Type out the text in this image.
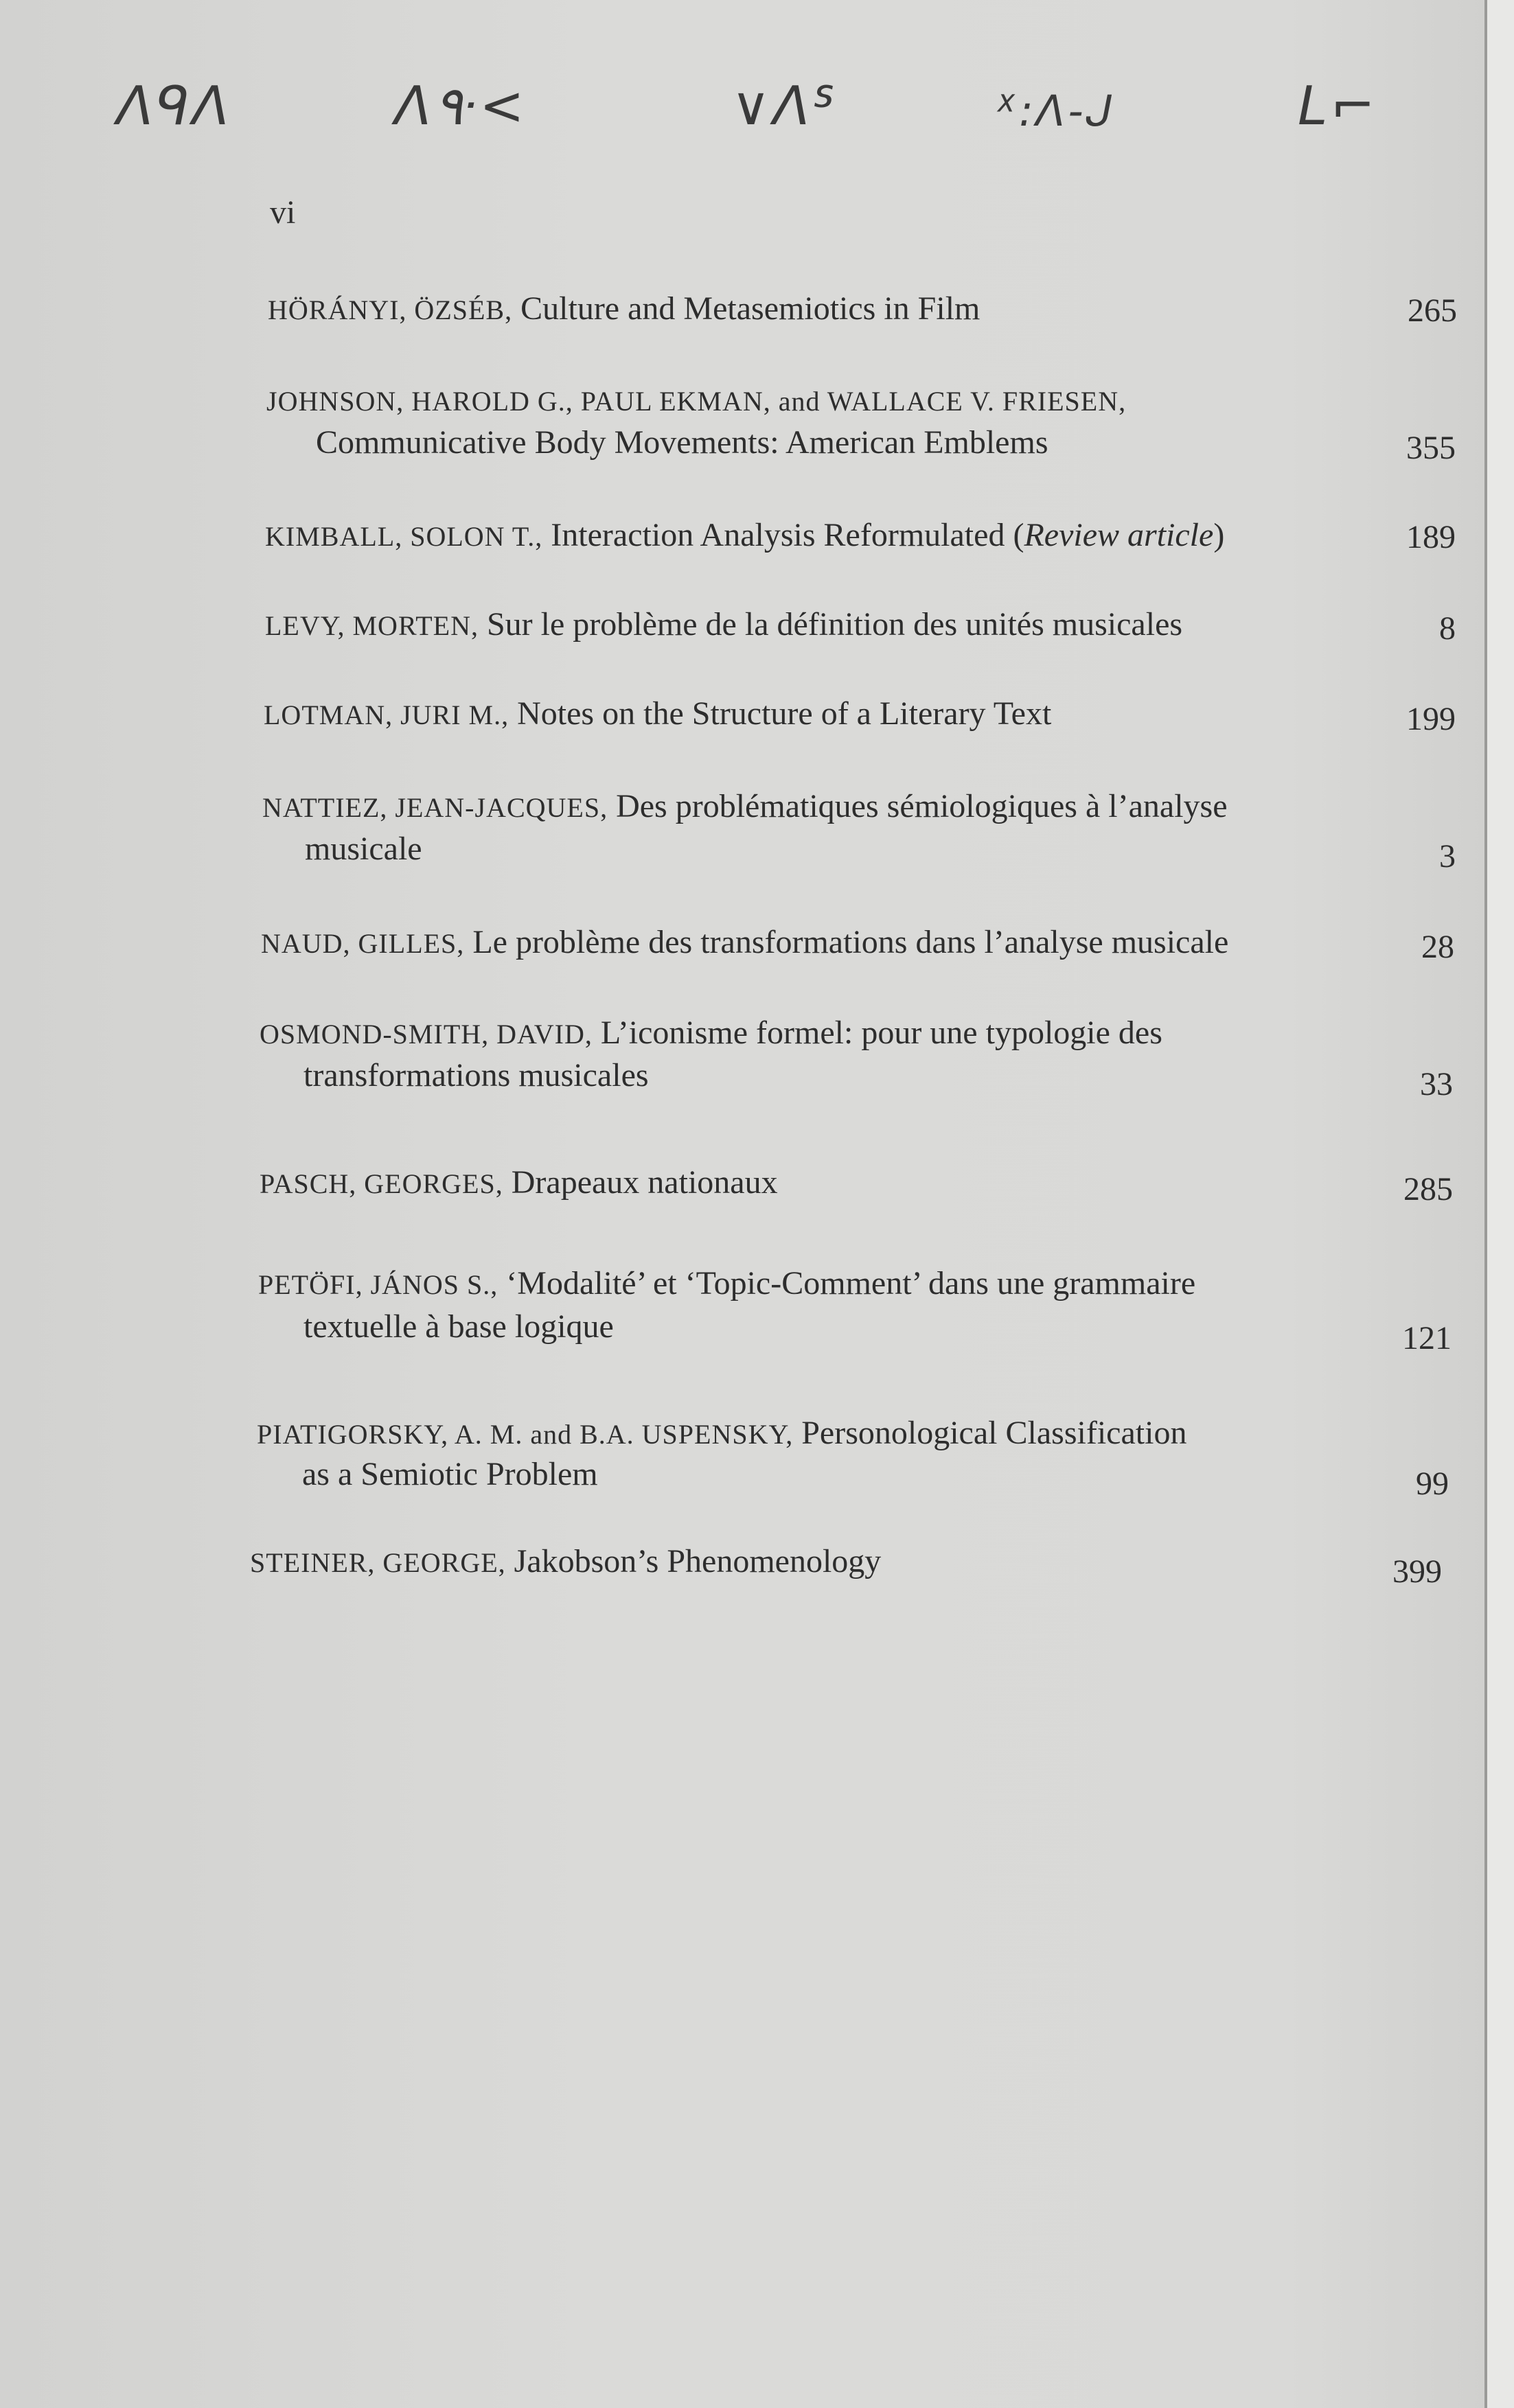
ᐱᑫᐱ	ᐱ۹ᐧ<	∨ᐱᔆ	ᕽ:ᐱ-ᒍ	ᒪ⌐
vi
HÖRÁNYI, ÖZSÉB, Culture and Metasemiotics in Film	265
JOHNSON, HAROLD G., PAUL EKMAN, and WALLACE V. FRIESEN,
Communicative Body Movements: American Emblems	355
KIMBALL, SOLON T., Interaction Analysis Reformulated (Review article)	189
LEVY, MORTEN, Sur le problème de la définition des unités musicales	8
LOTMAN, JURI M., Notes on the Structure of a Literary Text	199
NATTIEZ, JEAN-JACQUES, Des problématiques sémiologiques à l’analyse
musicale	3
NAUD, GILLES, Le problème des transformations dans l’analyse musicale	28
OSMOND-SMITH, DAVID, L’iconisme formel: pour une typologie des
transformations musicales	33
PASCH, GEORGES, Drapeaux nationaux	285
PETÖFI, JÁNOS S., ‘Modalité’ et ‘Topic-Comment’ dans une grammaire
textuelle à base logique	121
PIATIGORSKY, A. M. and B.A. USPENSKY, Personological Classification
as a Semiotic Problem	99
STEINER, GEORGE, Jakobson’s Phenomenology	399
